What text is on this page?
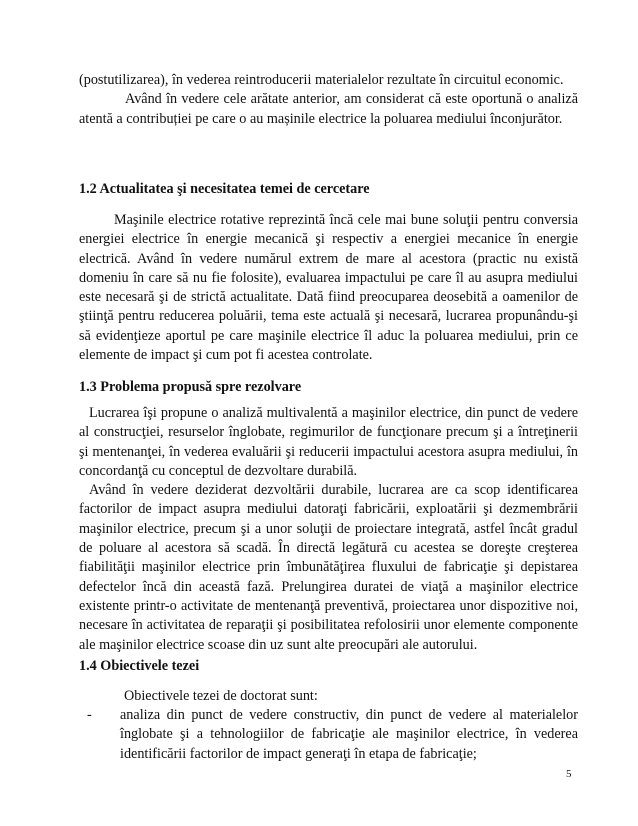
(postutilizarea), în vederea reintroducerii materialelor rezultate în circuitul economic.

Având în vedere cele arătate anterior, am considerat că este oportună o analiză atentă a contribuției pe care o au mașinile electrice la poluarea mediului înconjurător.

1.2 Actualitatea şi necesitatea temei de cercetare

Maşinile electrice rotative reprezintă încă cele mai bune soluţii pentru conversia energiei electrice în energie mecanică şi respectiv a energiei mecanice în energie electrică. Având în vedere numărul extrem de mare al acestora (practic nu există domeniu în care să nu fie folosite), evaluarea impactului pe care îl au asupra mediului este necesară şi de strictă actualitate. Dată fiind preocuparea deosebită a oamenilor de ştiinţă pentru reducerea poluării, tema este actuală şi necesară, lucrarea propunându-şi să evidenţieze aportul pe care maşinile electrice îl aduc la poluarea mediului, prin ce elemente de impact şi cum pot fi acestea controlate.

1.3 Problema propusă spre rezolvare

Lucrarea îşi propune o analiză multivalentă a maşinilor electrice, din punct de vedere al construcţiei, resurselor înglobate, regimurilor de funcţionare precum şi a întreţinerii şi mentenanţei, în vederea evaluării şi reducerii impactului acestora asupra mediului, în concordanţă cu conceptul de dezvoltare durabilă.

Având în vedere deziderat dezvoltării durabile, lucrarea are ca scop identificarea factorilor de impact asupra mediului datoraţi fabricării, exploatării şi dezmembrării maşinilor electrice, precum şi a unor soluţii de proiectare integrată, astfel încât gradul de poluare al acestora să scadă. În directă legătură cu acestea se doreşte creşterea fiabilităţii maşinilor electrice prin îmbunătăţirea fluxului de fabricaţie şi depistarea defectelor încă din această fază. Prelungirea duratei de viaţă a maşinilor electrice existente printr-o activitate de mentenanţă preventivă, proiectarea unor dispozitive noi, necesare în activitatea de reparaţii şi posibilitatea refolosirii unor elemente componente ale maşinilor electrice scoase din uz sunt alte preocupări ale autorului.

1.4 Obiectivele tezei
Obiectivele tezei de doctorat sunt:
- analiza din punct de vedere constructiv, din punct de vedere al materialelor înglobate şi a tehnologiilor de fabricaţie ale maşinilor electrice, în vederea identificării factorilor de impact generaţi în etapa de fabricaţie;
5
